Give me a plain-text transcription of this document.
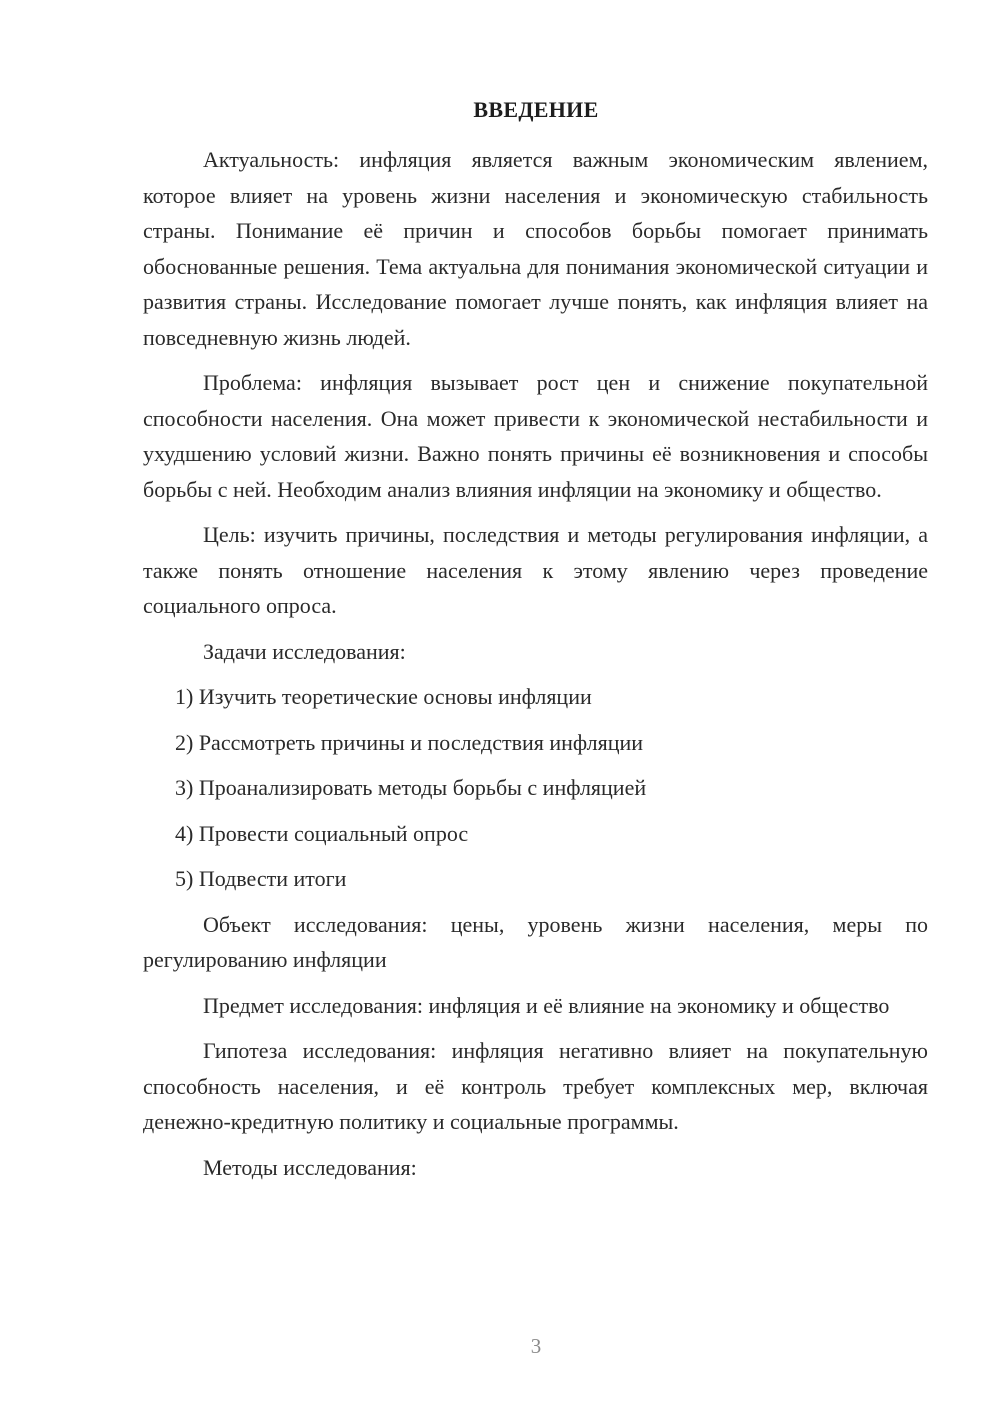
ВВЕДЕНИЕ

Актуальность: инфляция является важным экономическим явлением, которое влияет на уровень жизни населения и экономическую стабильность страны. Понимание её причин и способов борьбы помогает принимать обоснованные решения. Тема актуальна для понимания экономической ситуации и развития страны. Исследование помогает лучше понять, как инфляция влияет на повседневную жизнь людей.

Проблема: инфляция вызывает рост цен и снижение покупательной способности населения. Она может привести к экономической нестабильности и ухудшению условий жизни. Важно понять причины её возникновения и способы борьбы с ней. Необходим анализ влияния инфляции на экономику и общество.

Цель: изучить причины, последствия и методы регулирования инфляции, а также понять отношение населения к этому явлению через проведение социального опроса.

Задачи исследования:

1) Изучить теоретические основы инфляции
2) Рассмотреть причины и последствия инфляции
3) Проанализировать методы борьбы с инфляцией
4) Провести социальный опрос
5) Подвести итоги

Объект исследования: цены, уровень жизни населения, меры по регулированию инфляции

Предмет исследования: инфляция и её влияние на экономику и общество

Гипотеза исследования: инфляция негативно влияет на покупательную способность населения, и её контроль требует комплексных мер, включая денежно-кредитную политику и социальные программы.

Методы исследования:

3
